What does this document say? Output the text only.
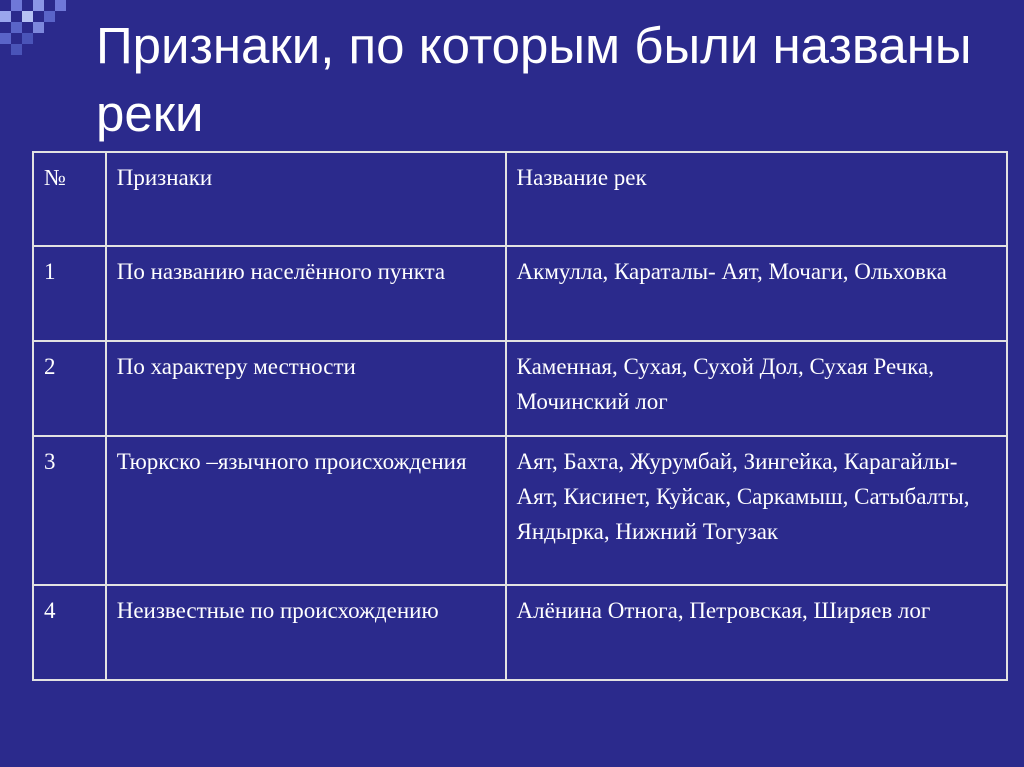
Признаки, по которым были названы реки
№	Признаки	Название рек
1	По названию населённого пункта	Акмулла, Караталы- Аят, Мочаги, Ольховка
2	По характеру местности	Каменная, Сухая, Сухой Дол, Сухая Речка, Мочинский лог
3	Тюркско –язычного происхождения	Аят, Бахта, Журумбай, Зингейка, Карагайлы-Аят, Кисинет, Куйсак, Саркамыш, Сатыбалты, Яндырка, Нижний Тогузак
4	Неизвестные по происхождению	Алёнина Отнога, Петровская, Ширяев лог
